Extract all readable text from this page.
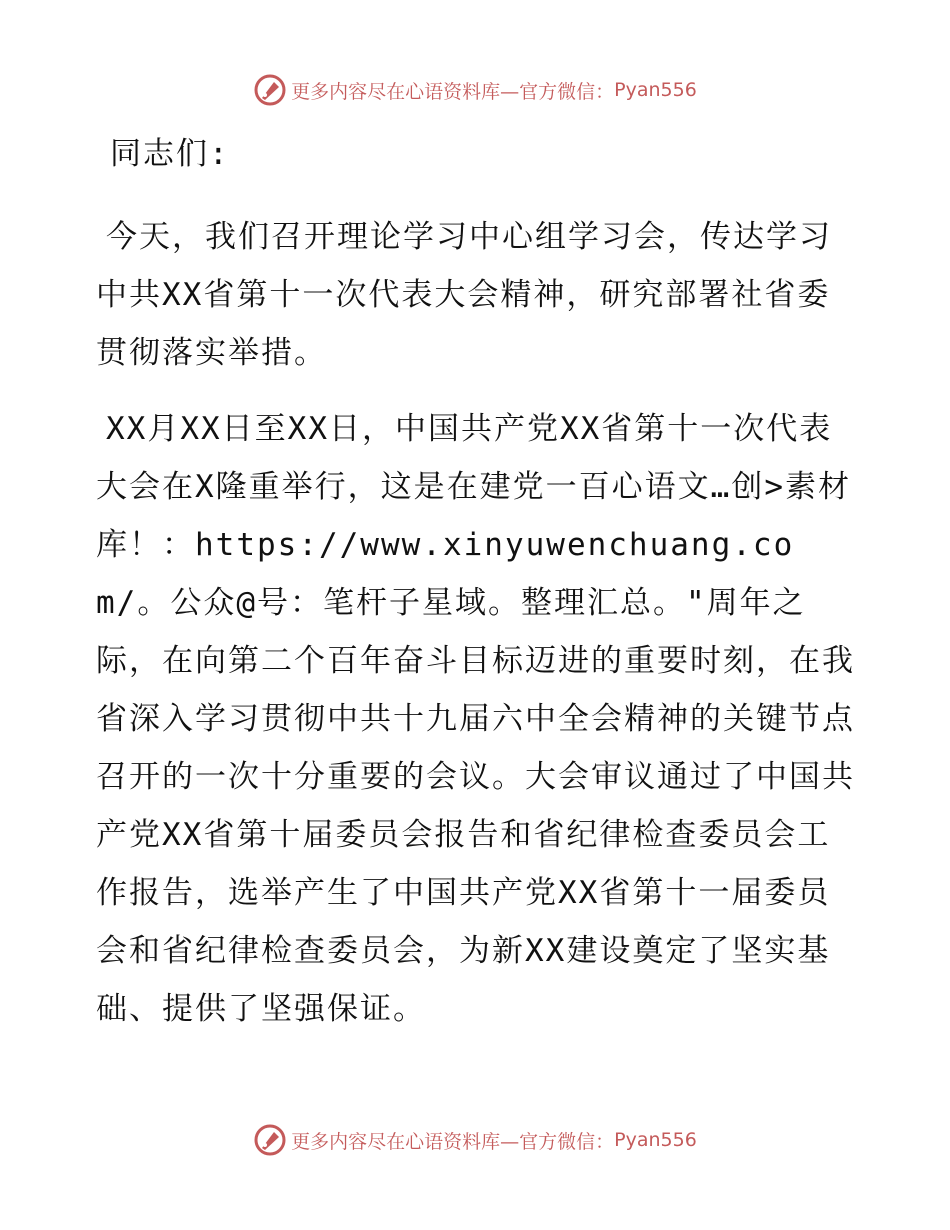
更多内容尽在心语资料库—官方微信： Pyan556

同志们:

今天，我们召开理论学习中心组学习会，传达学习中共XX省第十一次代表大会精神，研究部署社省委贯彻落实举措。

XX月XX日至XX日，中国共产党XX省第十一次代表大会在X隆重举行，这是在建党一百心语文…创>素材库！：https://www.xinyuwenchuang.com/。公众@号：笔杆子星域。整理汇总。"周年之际，在向第二个百年奋斗目标迈进的重要时刻，在我省深入学习贯彻中共十九届六中全会精神的关键节点召开的一次十分重要的会议。大会审议通过了中国共产党XX省第十届委员会报告和省纪律检查委员会工作报告，选举产生了中国共产党XX省第十一届委员会和省纪律检查委员会，为新XX建设奠定了坚实基础、提供了坚强保证。

更多内容尽在心语资料库—官方微信： Pyan556
